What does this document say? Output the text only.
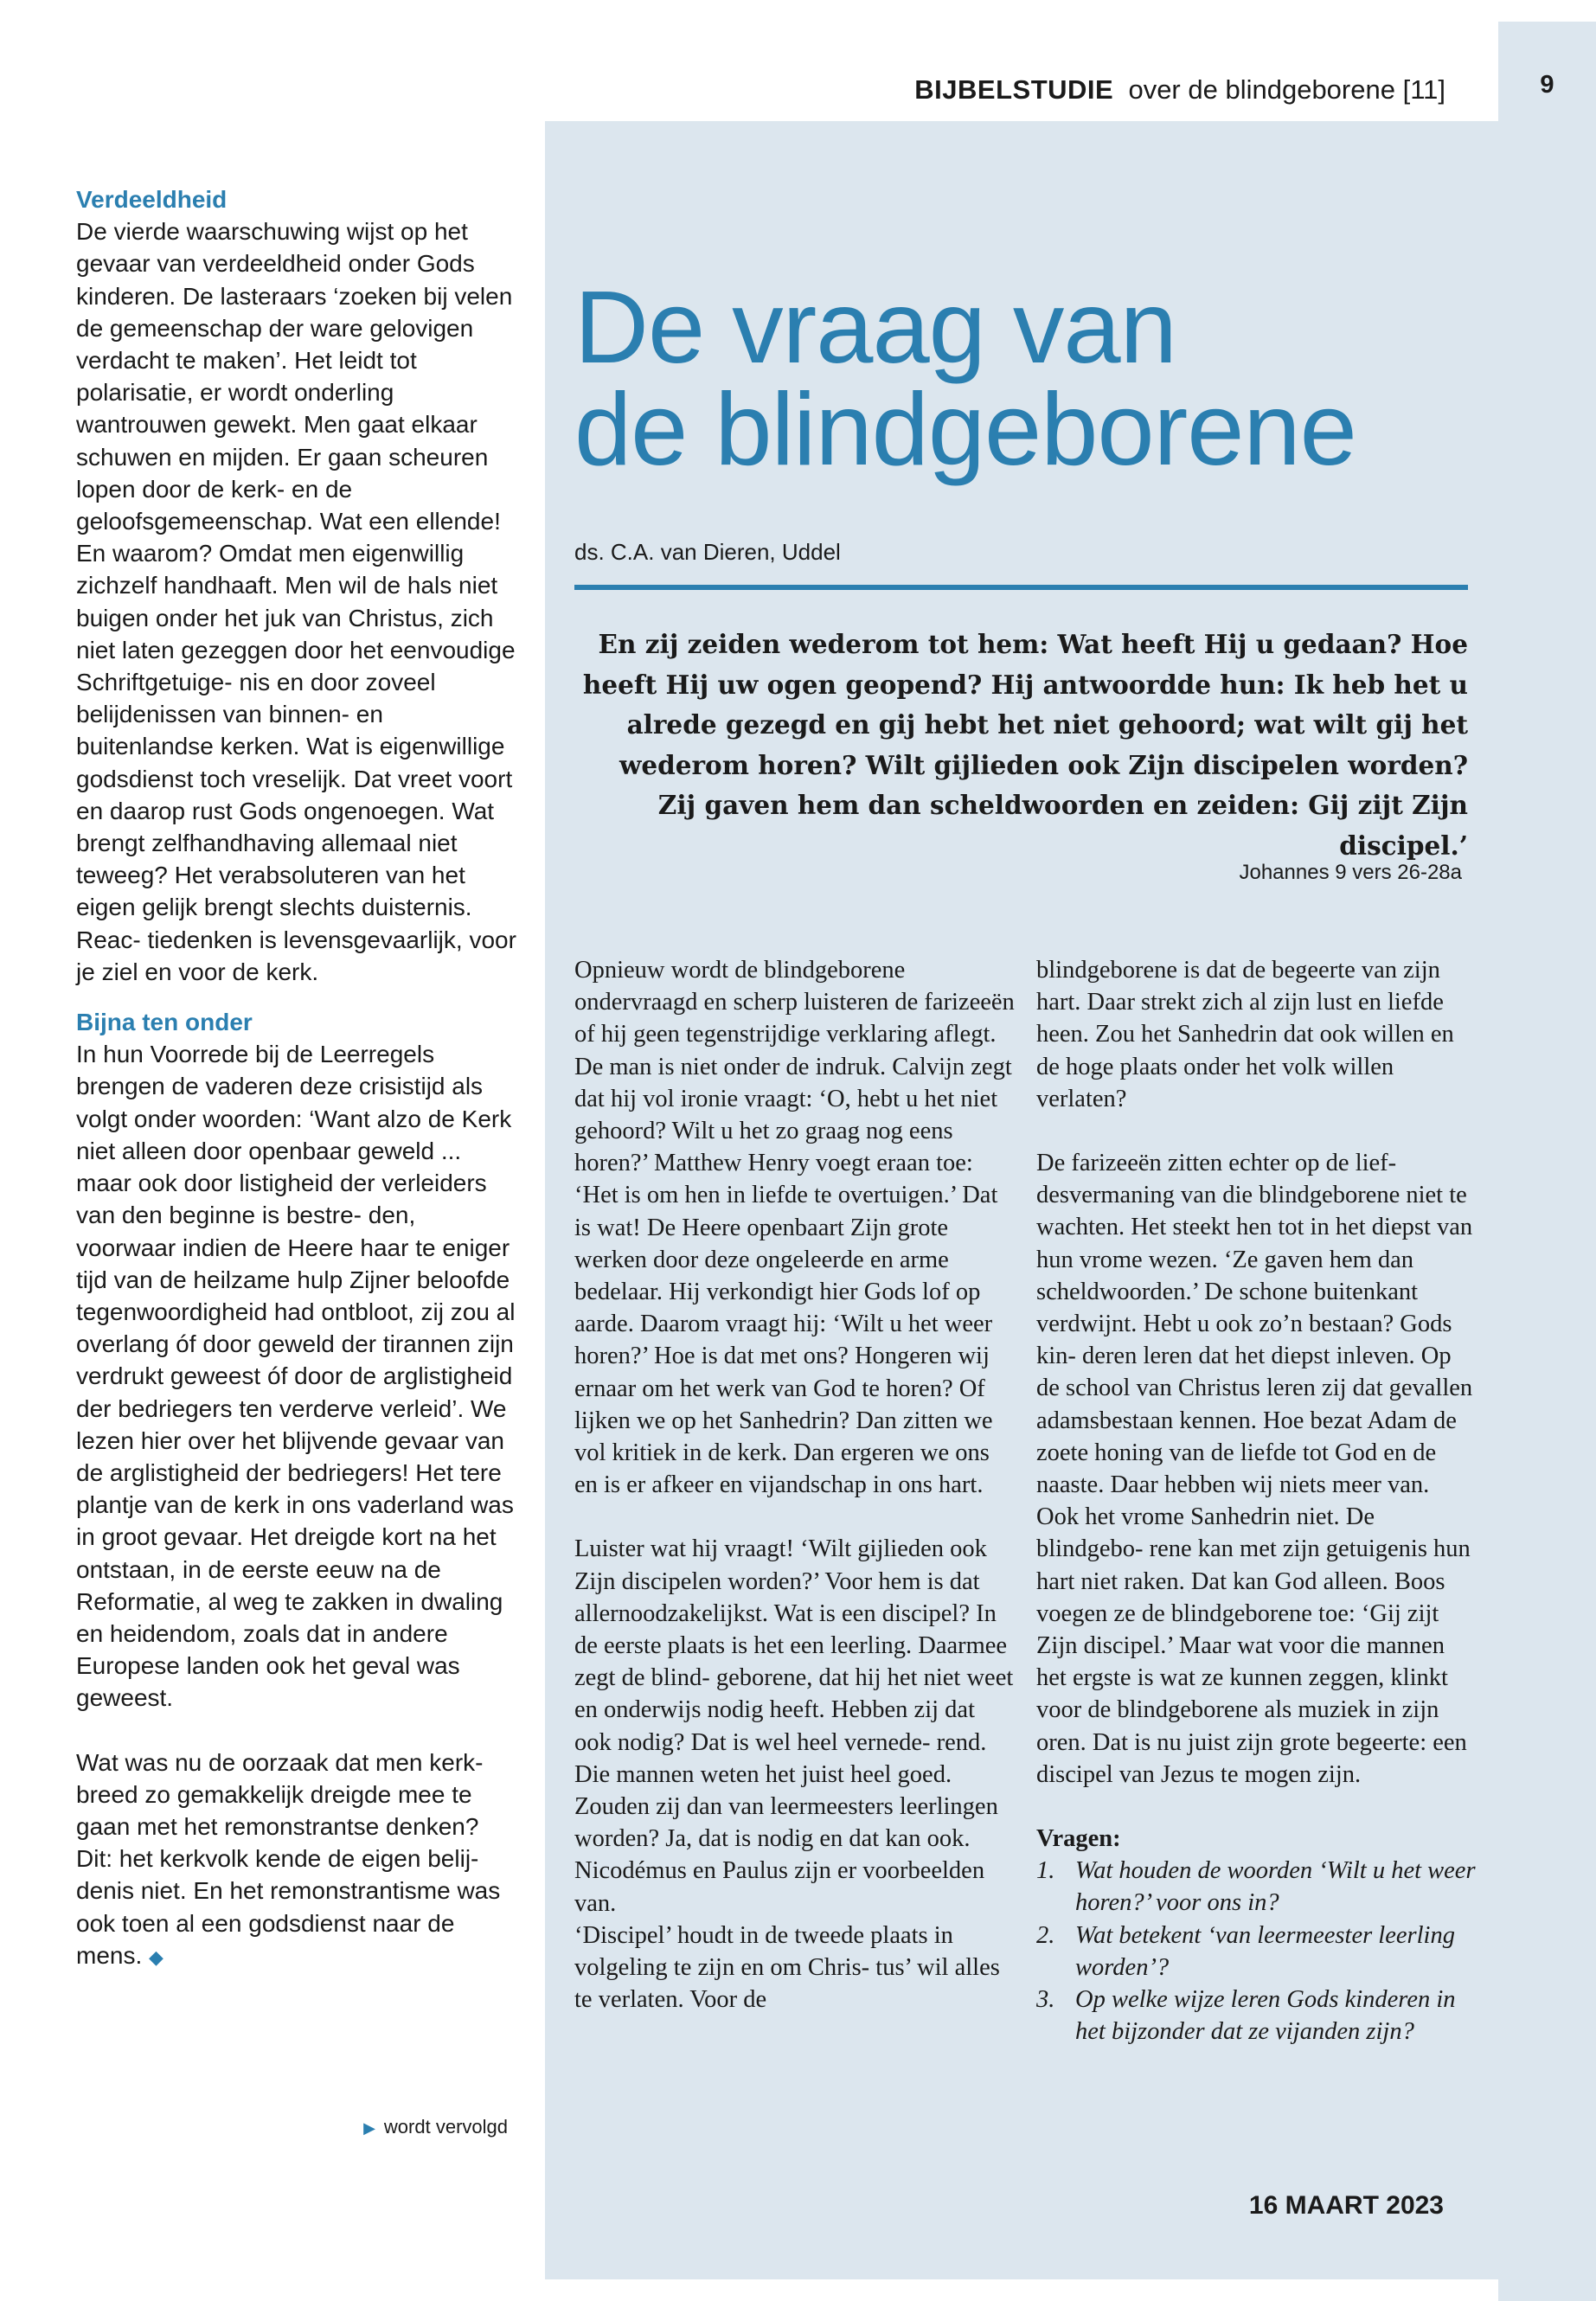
9
BIJBELSTUDIE over de blindgeborene [11]
Verdeeldheid

De vierde waarschuwing wijst op het gevaar van verdeeldheid onder Gods kinderen. De lasteraars ‘zoeken bij velen de gemeenschap der ware gelovigen verdacht te maken’. Het leidt tot polarisatie, er wordt onderling wantrouwen gewekt. Men gaat elkaar schuwen en mijden. Er gaan scheuren lopen door de kerk- en de geloofsgemeenschap. Wat een ellende! En waarom? Omdat men eigenwillig zichzelf handhaaft. Men wil de hals niet buigen onder het juk van Christus, zich niet laten gezeggen door het eenvoudige Schriftgetuige- nis en door zoveel belijdenissen van binnen- en buitenlandse kerken. Wat is eigenwillige godsdienst toch vreselijk. Dat vreet voort en daarop rust Gods ongenoegen. Wat brengt zelfhandhaving allemaal niet teweeg? Het verabsoluteren van het eigen gelijk brengt slechts duisternis. Reac- tiedenken is levensgevaarlijk, voor je ziel en voor de kerk.

Bijna ten onder

In hun Voorrede bij de Leerregels brengen de vaderen deze crisistijd als volgt onder woorden: ‘Want alzo de Kerk niet alleen door openbaar geweld ... maar ook door listigheid der verleiders van den beginne is bestre- den, voorwaar indien de Heere haar te eniger tijd van de heilzame hulp Zijner beloofde tegenwoordigheid had ontbloot, zij zou al overlang óf door geweld der tirannen zijn verdrukt geweest óf door de arglistigheid der bedriegers ten verderve verleid’. We lezen hier over het blijvende gevaar van de arglistigheid der bedriegers! Het tere plantje van de kerk in ons vaderland was in groot gevaar. Het dreigde kort na het ontstaan, in de eerste eeuw na de Reformatie, al weg te zakken in dwaling en heidendom, zoals dat in andere Europese landen ook het geval was geweest.

Wat was nu de oorzaak dat men kerk- breed zo gemakkelijk dreigde mee te gaan met het remonstrantse denken? Dit: het kerkvolk kende de eigen belij- denis niet. En het remonstrantisme was ook toen al een godsdienst naar de mens. ◆

▶ wordt vervolgd
De vraag van
de blindgeborene
ds. C.A. van Dieren, Uddel
En zij zeiden wederom tot hem: Wat heeft Hij u gedaan? Hoe heeft Hij uw ogen geopend? Hij antwoordde hun: Ik heb het u alrede gezegd en gij hebt het niet gehoord; wat wilt gij het wederom horen? Wilt gijlieden ook Zijn discipelen worden? Zij gaven hem dan scheldwoorden en zeiden: Gij zijt Zijn discipel.’
Johannes 9 vers 26-28a

Opnieuw wordt de blindgeborene ondervraagd en scherp luisteren de farizeeën of hij geen tegenstrijdige verklaring aflegt. De man is niet onder de indruk. Calvijn zegt dat hij vol ironie vraagt: ‘O, hebt u het niet gehoord? Wilt u het zo graag nog eens horen?’ Matthew Henry voegt eraan toe: ‘Het is om hen in liefde te overtuigen.’ Dat is wat! De Heere openbaart Zijn grote werken door deze ongeleerde en arme bedelaar. Hij verkondigt hier Gods lof op aarde. Daarom vraagt hij: ‘Wilt u het weer horen?’ Hoe is dat met ons? Hongeren wij ernaar om het werk van God te horen? Of lijken we op het Sanhedrin? Dan zitten we vol kritiek in de kerk. Dan ergeren we ons en is er afkeer en vijandschap in ons hart.

Luister wat hij vraagt! ‘Wilt gijlieden ook Zijn discipelen worden?’ Voor hem is dat allernoodzakelijkst. Wat is een discipel? In de eerste plaats is het een leerling. Daarmee zegt de blind- geborene, dat hij het niet weet en onderwijs nodig heeft. Hebben zij dat ook nodig? Dat is wel heel vernede- rend. Die mannen weten het juist heel goed. Zouden zij dan van leermeesters leerlingen worden? Ja, dat is nodig en dat kan ook. Nicodémus en Paulus zijn er voorbeelden van.

‘Discipel’ houdt in de tweede plaats in volgeling te zijn en om Chris- tus’ wil alles te verlaten. Voor de

blindgeborene is dat de begeerte van zijn hart. Daar strekt zich al zijn lust en liefde heen. Zou het Sanhedrin dat ook willen en de hoge plaats onder het volk willen verlaten?

De farizeeën zitten echter op de lief- desvermaning van die blindgeborene niet te wachten. Het steekt hen tot in het diepst van hun vrome wezen. ‘Ze gaven hem dan scheldwoorden.’ De schone buitenkant verdwijnt. Hebt u ook zo’n bestaan? Gods kin- deren leren dat het diepst inleven. Op de school van Christus leren zij dat gevallen adamsbestaan kennen. Hoe bezat Adam de zoete honing van de liefde tot God en de naaste. Daar hebben wij niets meer van. Ook het vrome Sanhedrin niet. De blindgebo- rene kan met zijn getuigenis hun hart niet raken. Dat kan God alleen. Boos voegen ze de blindgeborene toe: ‘Gij zijt Zijn discipel.’ Maar wat voor die mannen het ergste is wat ze kunnen zeggen, klinkt voor de blindgeborene als muziek in zijn oren. Dat is nu juist zijn grote begeerte: een discipel van Jezus te mogen zijn.

Vragen:

1. Wat houden de woorden ‘Wilt u het weer horen?’ voor ons in?
2. Wat betekent ‘van leermeester leerling worden’?
3. Op welke wijze leren Gods kinderen in het bijzonder dat ze vijanden zijn?
16 MAART 2023
